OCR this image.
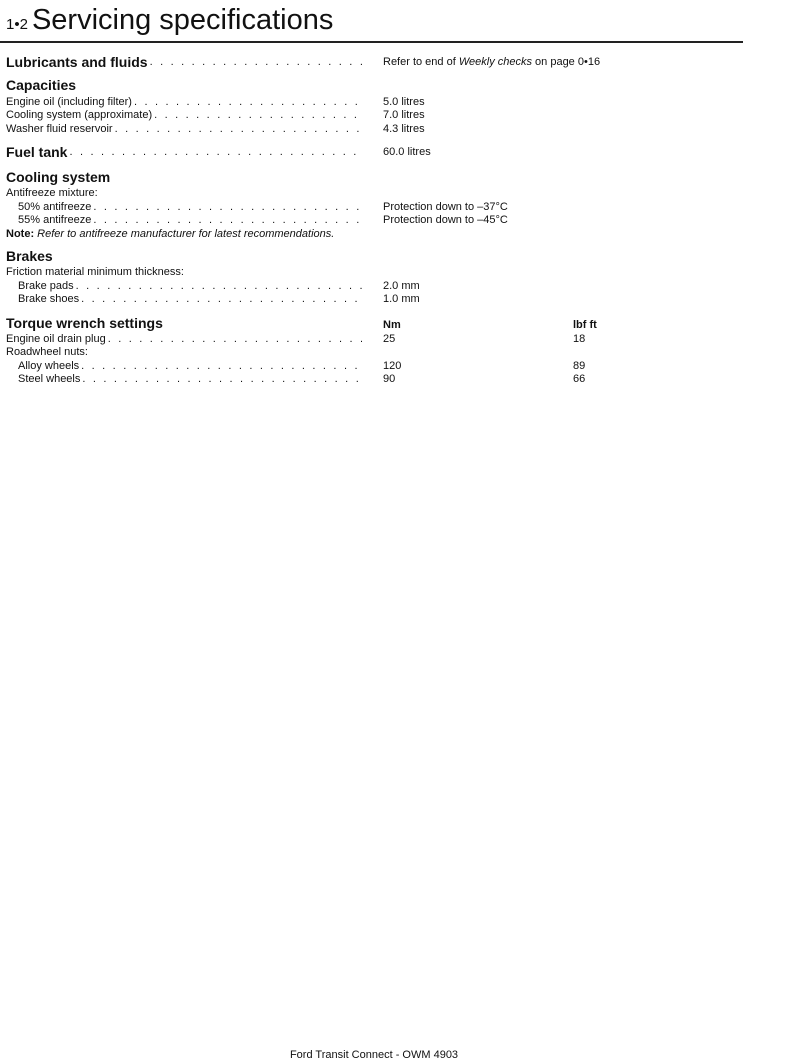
1•2 Servicing specifications
Lubricants and fluids . . .	Refer to end of Weekly checks on page 0•16
Capacities
Engine oil (including filter) . . .	5.0 litres
Cooling system (approximate) . . .	7.0 litres
Washer fluid reservoir . . .	4.3 litres
Fuel tank . . .	60.0 litres
Cooling system
Antifreeze mixture:
50% antifreeze . . .	Protection down to –37°C
55% antifreeze . . .	Protection down to –45°C
Note: Refer to antifreeze manufacturer for latest recommendations.
Brakes
Friction material minimum thickness:
Brake pads . . .	2.0 mm
Brake shoes . . .	1.0 mm
Torque wrench settings	Nm	lbf ft
Engine oil drain plug . . .	25	18
Roadwheel nuts:
Alloy wheels . . .	120	89
Steel wheels . . .	90	66
Ford Transit Connect - OWM 4903
